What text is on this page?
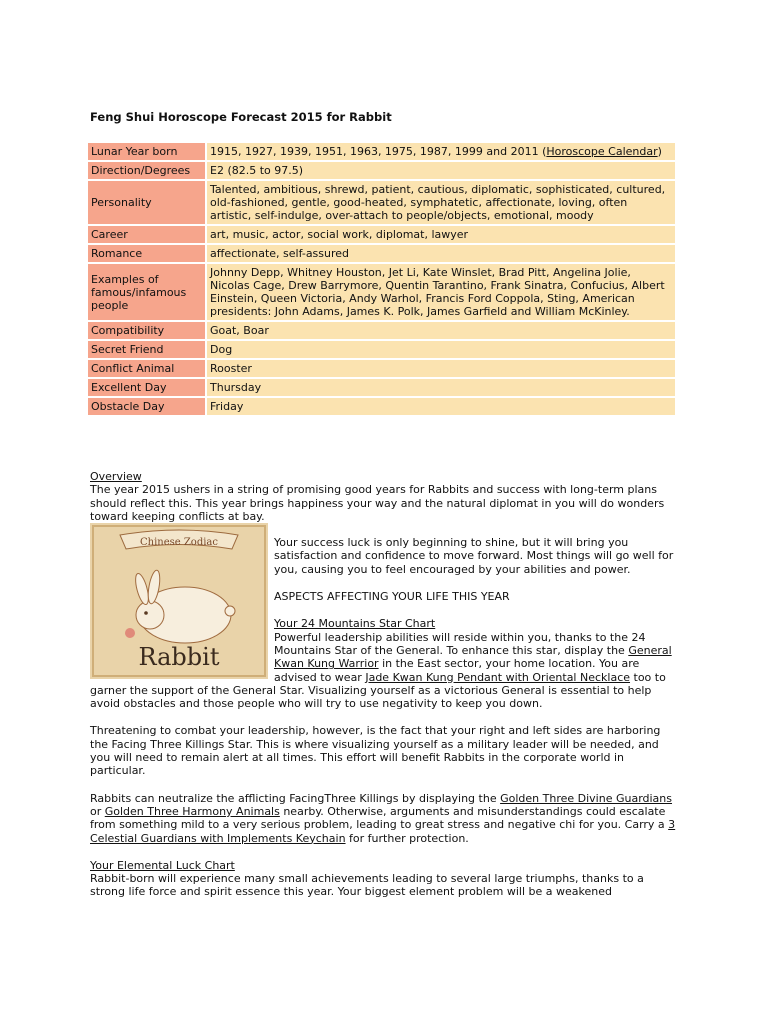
Feng Shui Horoscope Forecast 2015 for Rabbit
Lunar Year born	1915, 1927, 1939, 1951, 1963, 1975, 1987, 1999 and 2011 (Horoscope Calendar)
Direction/Degrees	E2 (82.5 to 97.5)
Personality	Talented, ambitious, shrewd, patient, cautious, diplomatic, sophisticated, cultured, old-fashioned, gentle, good-heated, symphatetic, affectionate, loving, often artistic, self-indulge, over-attach to people/objects, emotional, moody
Career	art, music, actor, social work, diplomat, lawyer
Romance	affectionate, self-assured
Examples of famous/infamous people	Johnny Depp, Whitney Houston, Jet Li, Kate Winslet, Brad Pitt, Angelina Jolie, Nicolas Cage, Drew Barrymore, Quentin Tarantino, Frank Sinatra, Confucius, Albert Einstein, Queen Victoria, Andy Warhol, Francis Ford Coppola, Sting, American presidents: John Adams, James K. Polk, James Garfield and William McKinley.
Compatibility	Goat, Boar
Secret Friend	Dog
Conflict Animal	Rooster
Excellent Day	Thursday
Obstacle Day	Friday

Overview

The year 2015 ushers in a string of promising good years for Rabbits and success with long-term plans should reflect this. This year brings happiness your way and the natural diplomat in you will do wonders toward keeping conflicts at bay.

Chinese Zodiac
Rabbit

Your success luck is only beginning to shine, but it will bring you satisfaction and confidence to move forward. Most things will go well for you, causing you to feel encouraged by your abilities and power.

ASPECTS AFFECTING YOUR LIFE THIS YEAR

Your 24 Mountains Star Chart

Powerful leadership abilities will reside within you, thanks to the 24 Mountains Star of the General. To enhance this star, display the General Kwan Kung Warrior in the East sector, your home location. You are advised to wear Jade Kwan Kung Pendant with Oriental Necklace too to garner the support of the General Star. Visualizing yourself as a victorious General is essential to help avoid obstacles and those people who will try to use negativity to keep you down.

Threatening to combat your leadership, however, is the fact that your right and left sides are harboring the Facing Three Killings Star. This is where visualizing yourself as a military leader will be needed, and you will need to remain alert at all times. This effort will benefit Rabbits in the corporate world in particular.

Rabbits can neutralize the afflicting FacingThree Killings by displaying the Golden Three Divine Guardians or Golden Three Harmony Animals nearby. Otherwise, arguments and misunderstandings could escalate from something mild to a very serious problem, leading to great stress and negative chi for you. Carry a 3 Celestial Guardians with Implements Keychain for further protection.

Your Elemental Luck Chart

Rabbit-born will experience many small achievements leading to several large triumphs, thanks to a strong life force and spirit essence this year. Your biggest element problem will be a weakened
